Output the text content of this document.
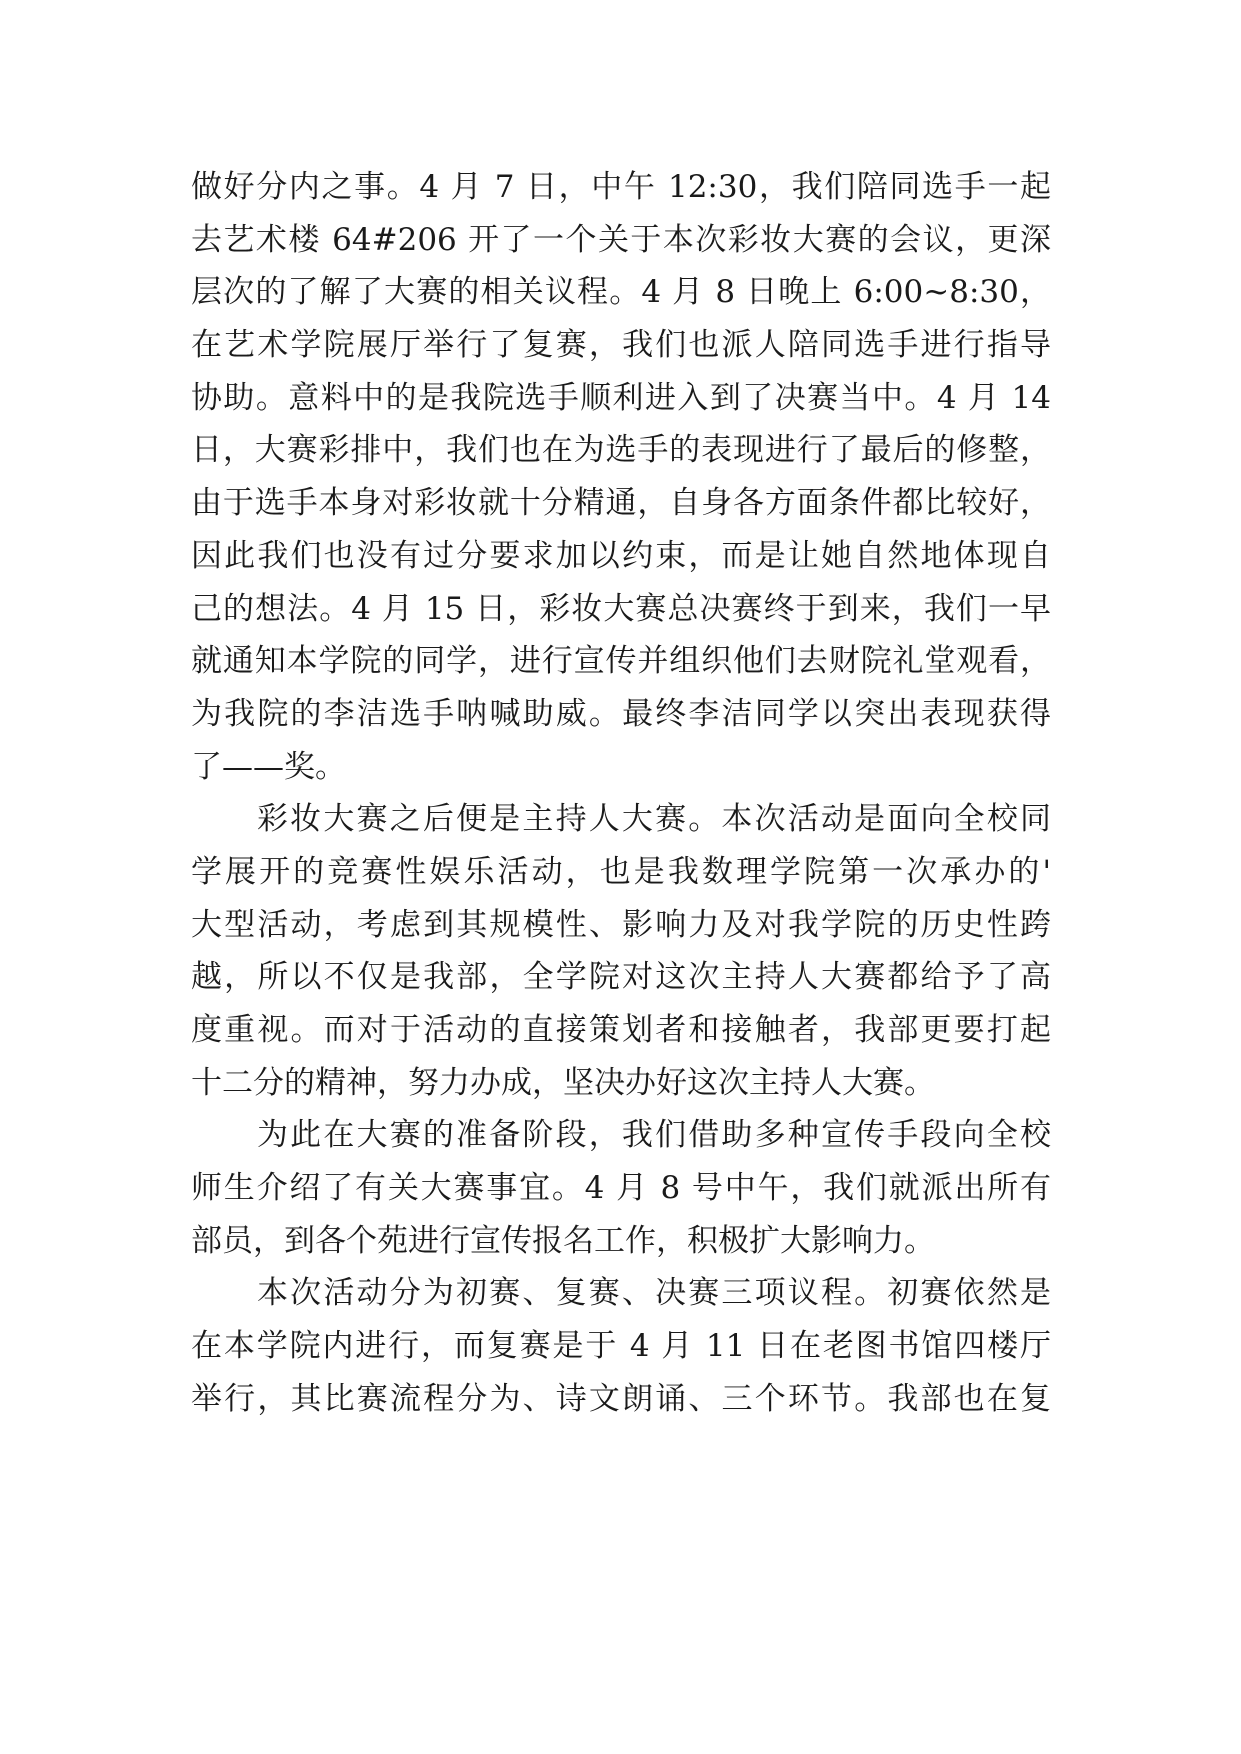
做好分内之事。4 月 7 日，中午 12:30，我们陪同选手一起
去艺术楼 64#206 开了一个关于本次彩妆大赛的会议，更深
层次的了解了大赛的相关议程。4 月 8 日晚上 6:00~8:30，
在艺术学院展厅举行了复赛，我们也派人陪同选手进行指导
协助。意料中的是我院选手顺利进入到了决赛当中。4 月 14
日，大赛彩排中，我们也在为选手的表现进行了最后的修整，
由于选手本身对彩妆就十分精通，自身各方面条件都比较好，
因此我们也没有过分要求加以约束，而是让她自然地体现自
己的想法。4 月 15 日，彩妆大赛总决赛终于到来，我们一早
就通知本学院的同学，进行宣传并组织他们去财院礼堂观看，
为我院的李洁选手呐喊助威。最终李洁同学以突出表现获得
了——奖。
彩妆大赛之后便是主持人大赛。本次活动是面向全校同
学展开的竞赛性娱乐活动，也是我数理学院第一次承办的'
大型活动，考虑到其规模性、影响力及对我学院的历史性跨
越，所以不仅是我部，全学院对这次主持人大赛都给予了高
度重视。而对于活动的直接策划者和接触者，我部更要打起
十二分的精神，努力办成，坚决办好这次主持人大赛。
为此在大赛的准备阶段，我们借助多种宣传手段向全校
师生介绍了有关大赛事宜。4 月 8 号中午，我们就派出所有
部员，到各个苑进行宣传报名工作，积极扩大影响力。
本次活动分为初赛、复赛、决赛三项议程。初赛依然是
在本学院内进行，而复赛是于 4 月 11 日在老图书馆四楼厅
举行，其比赛流程分为、诗文朗诵、三个环节。我部也在复
